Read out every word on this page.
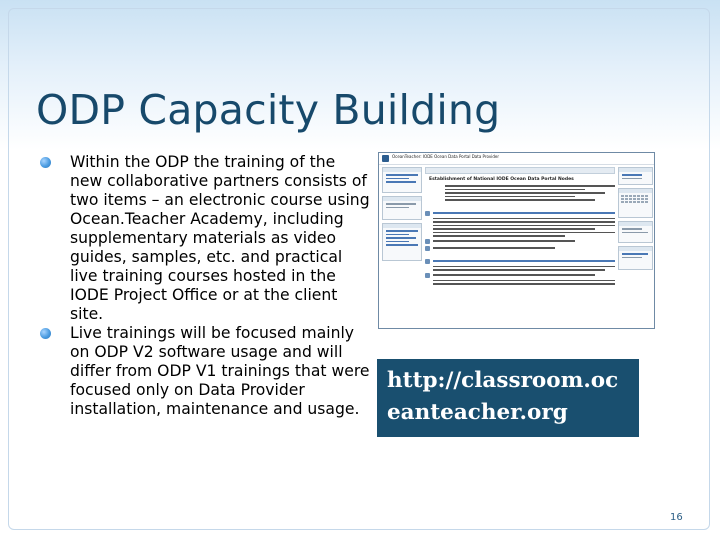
ODP Capacity Building
Within the ODP the training of the new collaborative partners consists of two items – an electronic course using Ocean.Teacher Academy, including supplementary materials as video guides, samples, etc. and practical live training courses hosted in the IODE Project Office or at the client site.
Live trainings will be focused mainly on ODP V2 software usage and will differ from ODP V1 trainings that were focused only on Data Provider installation, maintenance and usage.
OceanTeacher: IODE Ocean Data Portal Data Provider
Establishment of National IODE Ocean Data Portal Nodes
http://classroom.oceanteacher.org
16
